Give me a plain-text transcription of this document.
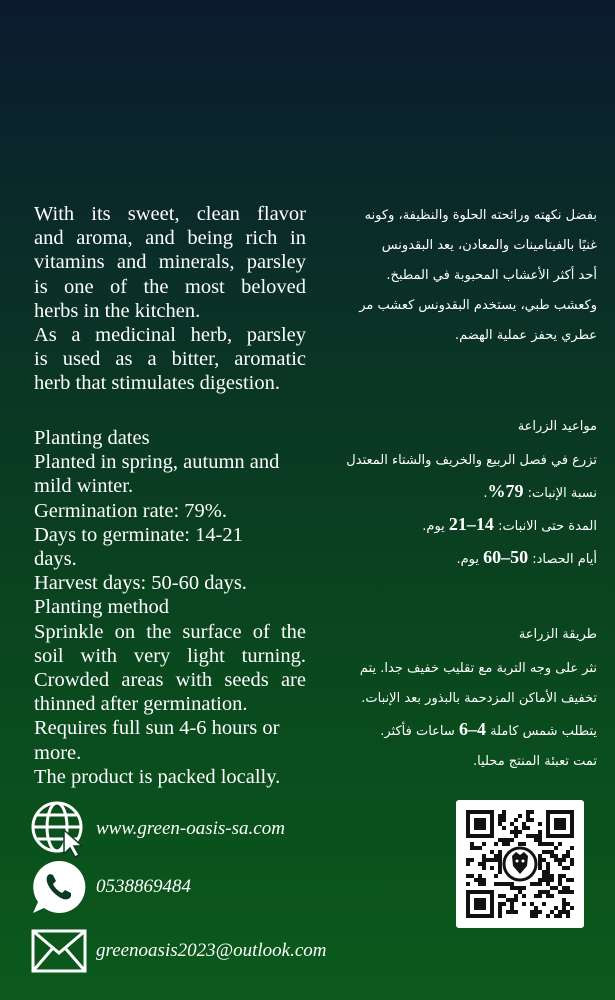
With its sweet, clean flavor

and aroma, and being rich in

vitamins and minerals, parsley

is one of the most beloved

herbs in the kitchen.

As a medicinal herb, parsley

is used as a bitter, aromatic

herb that stimulates digestion.

Planting dates

Planted in spring, autumn and

mild winter.

Germination rate: 79%.

Days to germinate: 14-21

days.

Harvest days: 50-60 days.

Planting method

Sprinkle on the surface of the

soil with very light turning.

Crowded areas with seeds are

thinned after germination.

Requires full sun 4-6 hours or

more.

The product is packed locally.

بفضل نكهته ورائحته الحلوة والنظيفة، وكونه

غنيًا بالفيتامينات والمعادن، يعد البقدونس

أحد أكثر الأعشاب المحبوبة في المطبخ.

وكعشب طبي، يستخدم البقدونس كعشب مر

عطري يحفز عملية الهضم.

مواعيد الزراعة

تزرع في فصل الربيع والخريف والشتاء المعتدل

نسبة الإنبات: 79%.

المدة حتى الانبات: 14–21 يوم.

أيام الحصاد: 50–60 يوم.

طريقة الزراعة

نثر على وجه التربة مع تقليب خفيف جدا. يتم

تخفيف الأماكن المزدحمة بالبذور بعد الإنبات.

يتطلب شمس كاملة 4–6 ساعات فأكثر.

تمت تعبئة المنتج محليا.

www.green-oasis-sa.com
0538869484
greenoasis2023@outlook.com
